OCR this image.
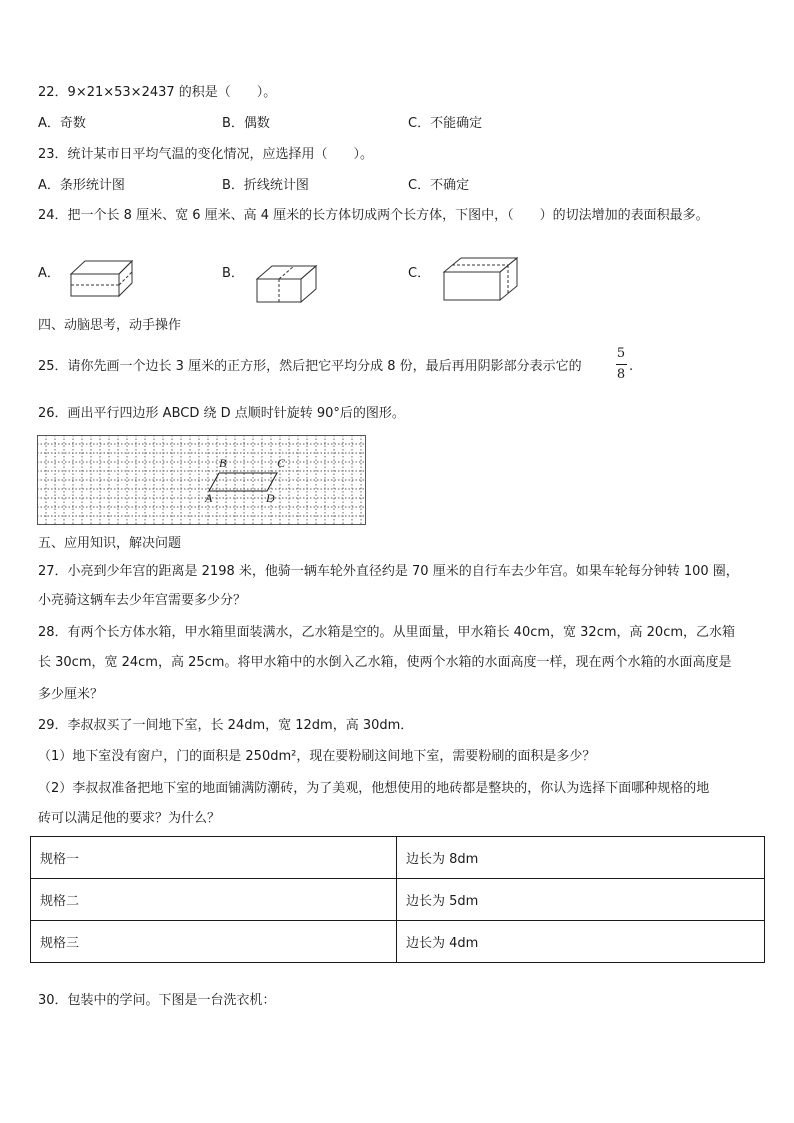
22．9×21×53×2437 的积是（　　）。
A．奇数	B．偶数	C．不能确定
23．统计某市日平均气温的变化情况，应选择用（　　）。
A．条形统计图	B．折线统计图	C．不确定
24．把一个长 8 厘米、宽 6 厘米、高 4 厘米的长方体切成两个长方体，下图中，（　　）的切法增加的表面积最多。
A．	B．	C．
四、动脑思考，动手操作
25．请你先画一个边长 3 厘米的正方形，然后把它平均分成 8 份，最后再用阴影部分表示它的
5
8
.
26．画出平行四边形 ABCD 绕 D 点顺时针旋转 90°后的图形。
B	C
A	D
五、应用知识，解决问题
27．小亮到少年宫的距离是 2198 米，他骑一辆车轮外直径约是 70 厘米的自行车去少年宫。如果车轮每分钟转 100 圈，
小亮骑这辆车去少年宫需要多少分？
28．有两个长方体水箱，甲水箱里面装满水，乙水箱是空的。从里面量，甲水箱长 40cm，宽 32cm，高 20cm，乙水箱
长 30cm，宽 24cm，高 25cm。将甲水箱中的水倒入乙水箱，使两个水箱的水面高度一样，现在两个水箱的水面高度是
多少厘米？
29．李叔叔买了一间地下室，长 24dm，宽 12dm，高 30dm．
（1）地下室没有窗户，门的面积是 250dm²，现在要粉刷这间地下室，需要粉刷的面积是多少？
（2）李叔叔准备把地下室的地面铺满防潮砖，为了美观，他想使用的地砖都是整块的，你认为选择下面哪种规格的地
砖可以满足他的要求？为什么？
规格一	边长为 8dm
规格二	边长为 5dm
规格三	边长为 4dm
30．包装中的学问。下图是一台洗衣机：
